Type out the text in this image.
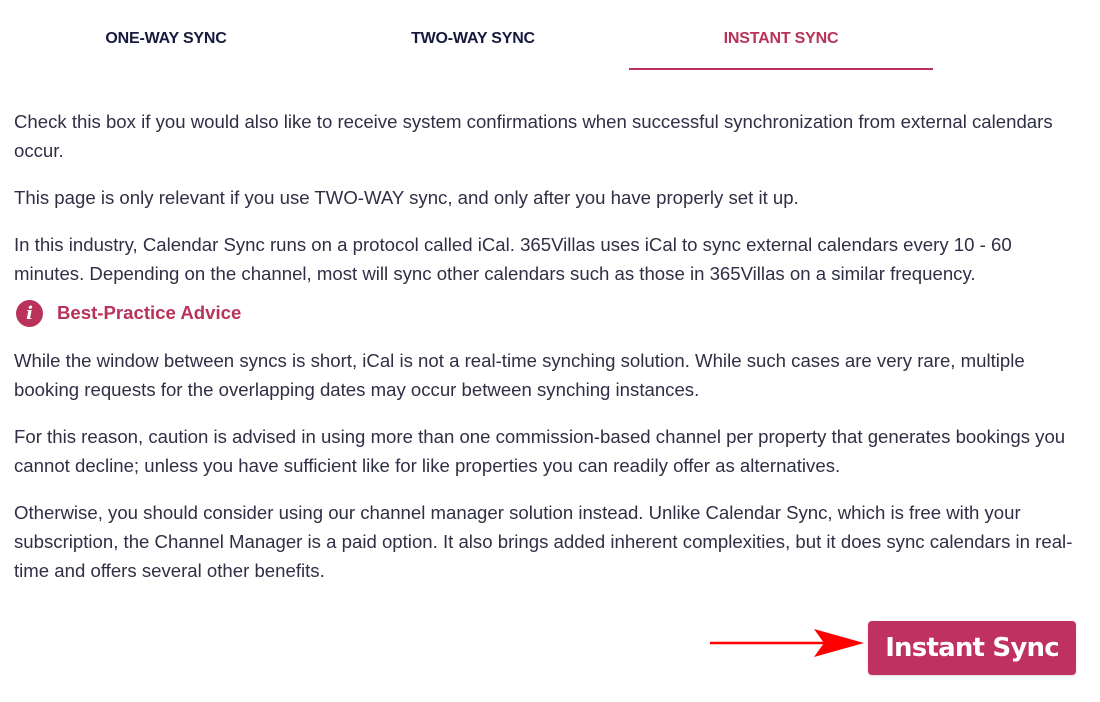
ONE-WAY SYNC	TWO-WAY SYNC	INSTANT SYNC

Check this box if you would also like to receive system confirmations when successful synchronization from external calendars occur.

This page is only relevant if you use TWO-WAY sync, and only after you have properly set it up.

In this industry, Calendar Sync runs on a protocol called iCal. 365Villas uses iCal to sync external calendars every 10 - 60 minutes. Depending on the channel, most will sync other calendars such as those in 365Villas on a similar frequency.

i	Best-Practice Advice

While the window between syncs is short, iCal is not a real-time synching solution. While such cases are very rare, multiple booking requests for the overlapping dates may occur between synching instances.

For this reason, caution is advised in using more than one commission-based channel per property that generates bookings you cannot decline; unless you have sufficient like for like properties you can readily offer as alternatives.

Otherwise, you should consider using our channel manager solution instead. Unlike Calendar Sync, which is free with your subscription, the Channel Manager is a paid option. It also brings added inherent complexities, but it does sync calendars in real-time and offers several other benefits.

Instant Sync
